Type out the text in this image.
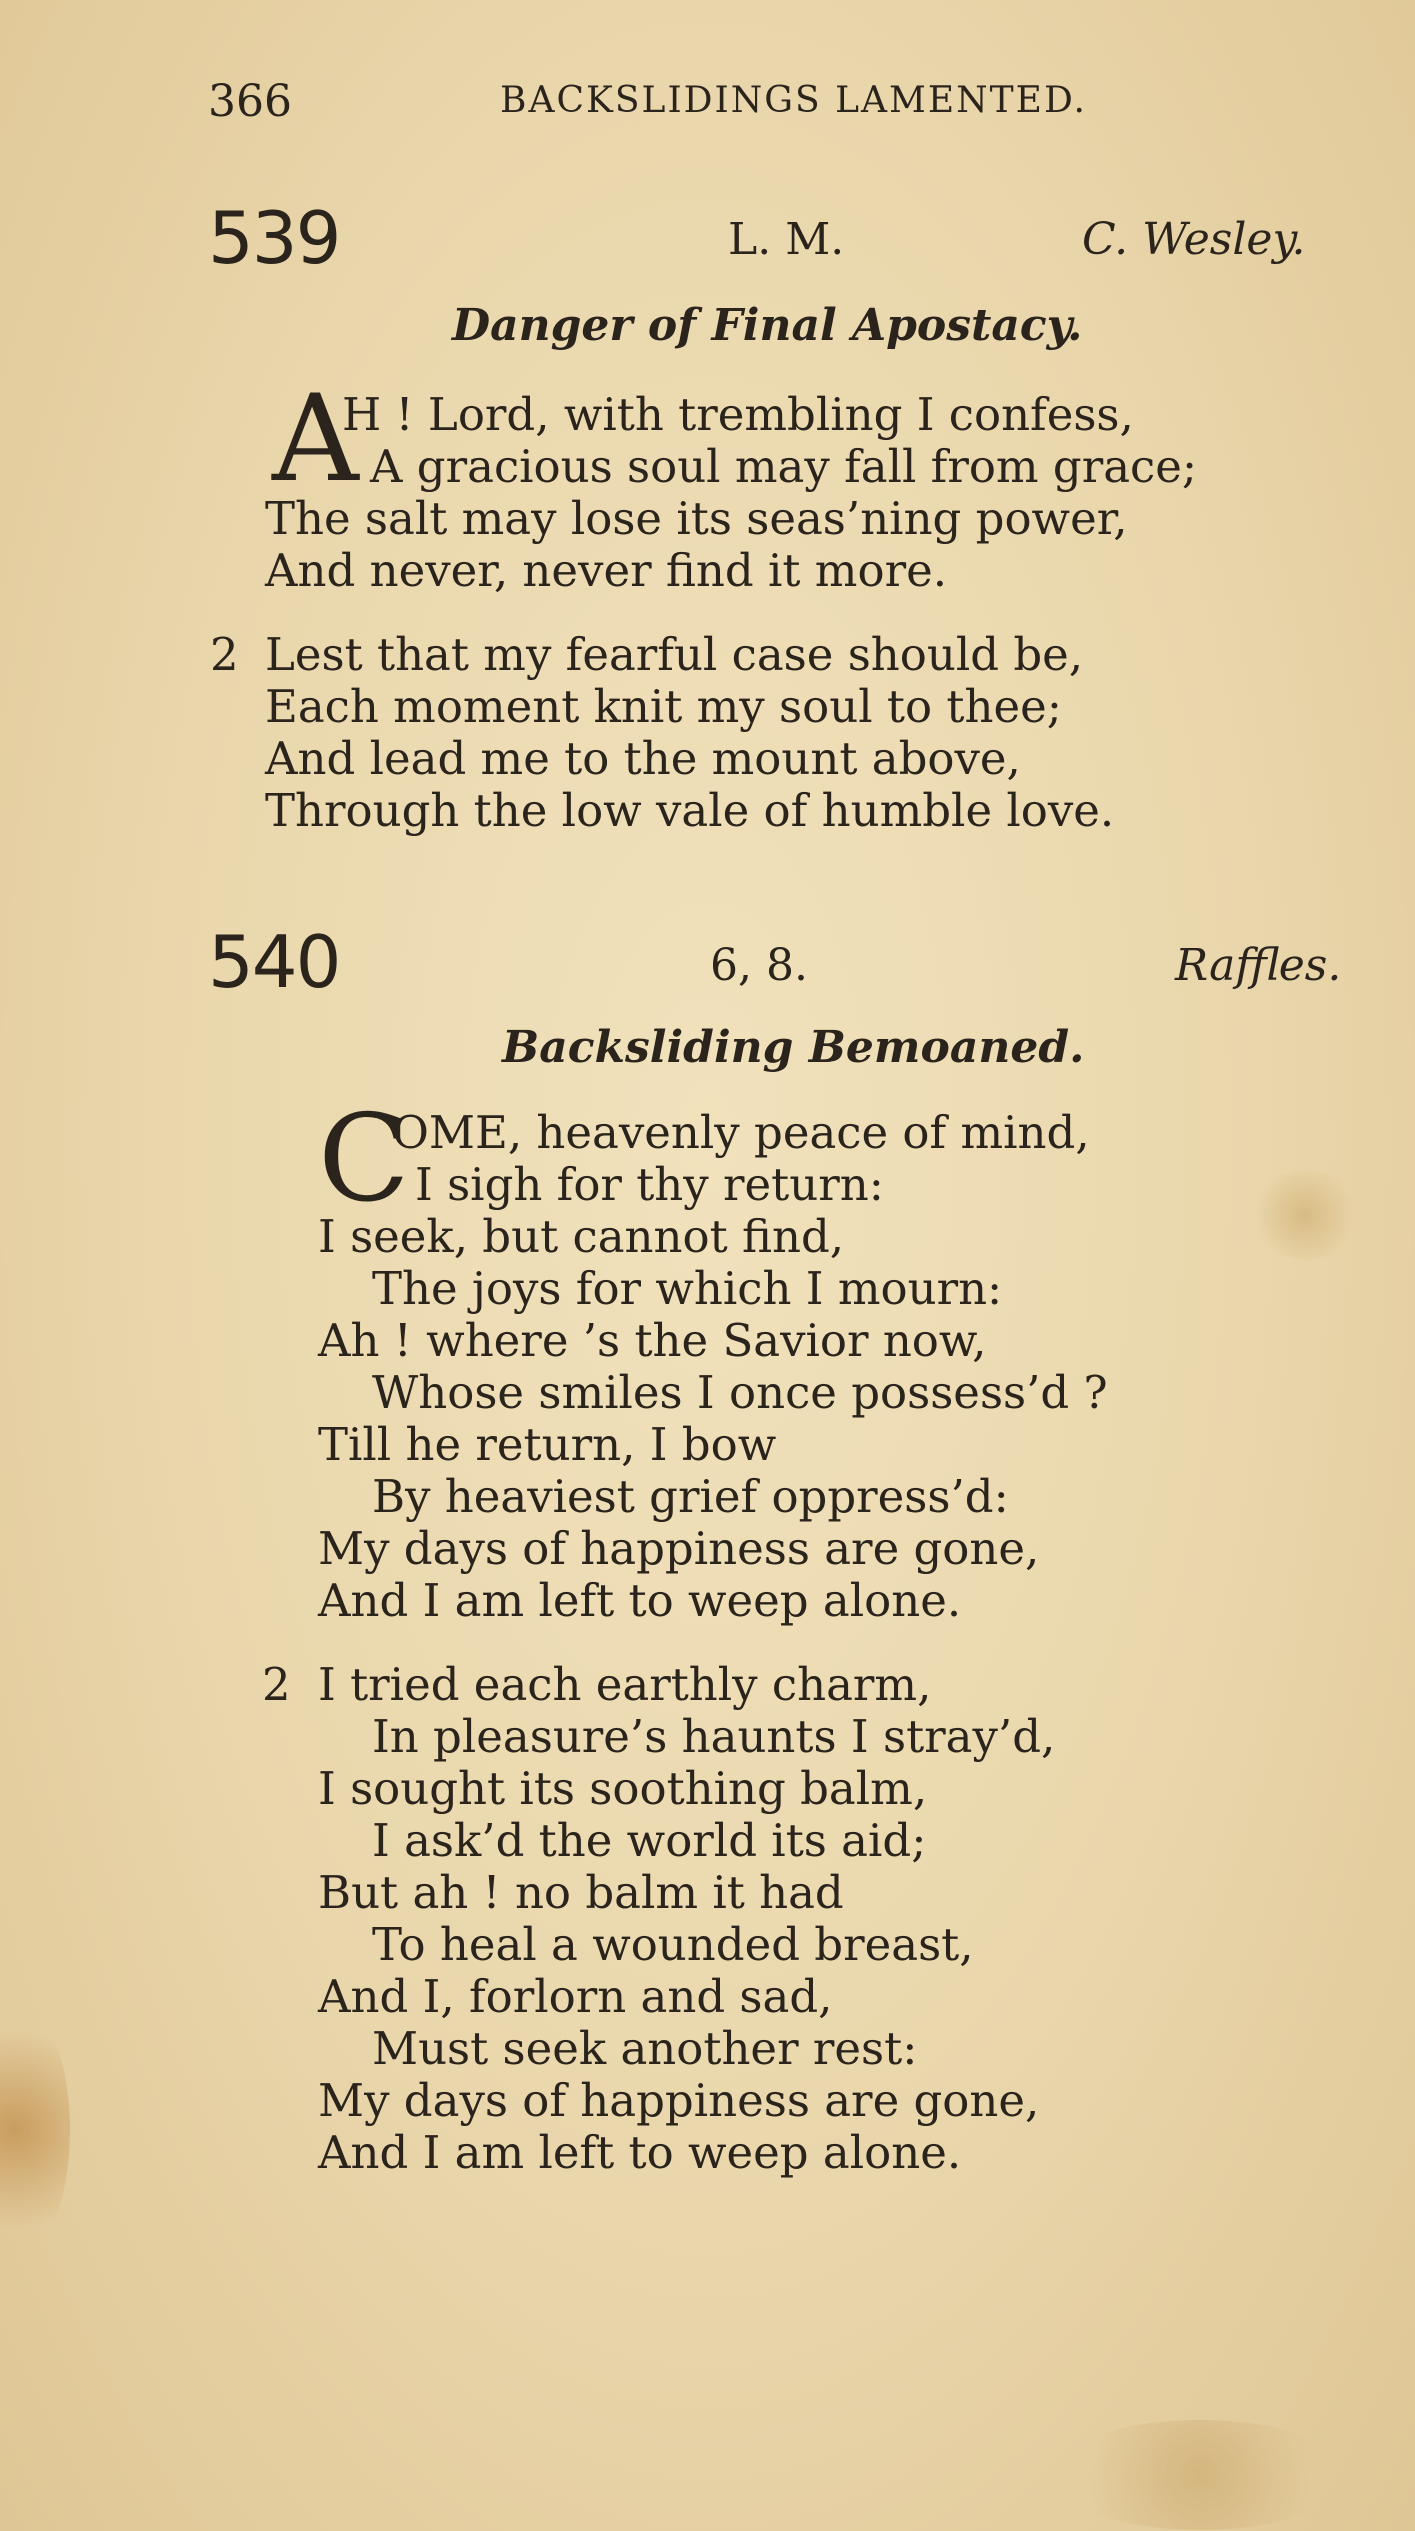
366	BACKSLIDINGS LAMENTED.
539	L. M.	C. Wesley.
Danger of Final Apostacy.
A
H ! Lord, with trembling I confess,
A gracious soul may fall from grace;
The salt may lose its seas’ning power,
And never, never find it more.
2 Lest that my fearful case should be,
Each moment knit my soul to thee;
And lead me to the mount above,
Through the low vale of humble love.
540	6, 8.	Raffles.
Backsliding Bemoaned.
C
OME, heavenly peace of mind,
I sigh for thy return:
I seek, but cannot find,
The joys for which I mourn:
Ah ! where ’s the Savior now,
Whose smiles I once possess’d ?
Till he return, I bow
By heaviest grief oppress’d:
My days of happiness are gone,
And I am left to weep alone.
2 I tried each earthly charm,
In pleasure’s haunts I stray’d,
I sought its soothing balm,
I ask’d the world its aid;
But ah ! no balm it had
To heal a wounded breast,
And I, forlorn and sad,
Must seek another rest:
My days of happiness are gone,
And I am left to weep alone.
